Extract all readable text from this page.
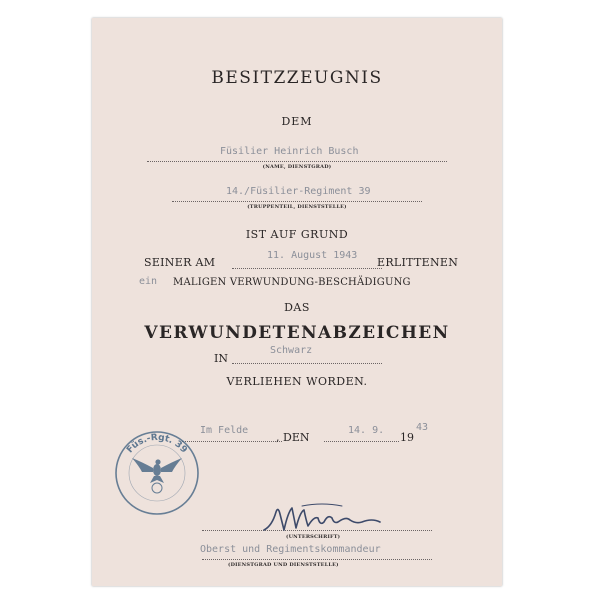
BESITZZEUGNIS
DEM
Füsilier Heinrich Busch
(NAME, DIENSTGRAD)
14./Füsilier-Regiment 39
(TRUPPENTEIL, DIENSTSTELLE)
IST AUF GRUND
SEINER AM
11. August 1943
ERLITTENEN
ein MALIGEN VERWUNDUNG-BESCHÄDIGUNG
DAS
VERWUNDETENABZEICHEN
IN
Schwarz
VERLIEHEN WORDEN.
Im Felde
, DEN
14. 9.
19
43
Füs.-Rgt. 39
(UNTERSCHRIFT)
Oberst und Regimentskommandeur
(DIENSTGRAD UND DIENSTSTELLE)
